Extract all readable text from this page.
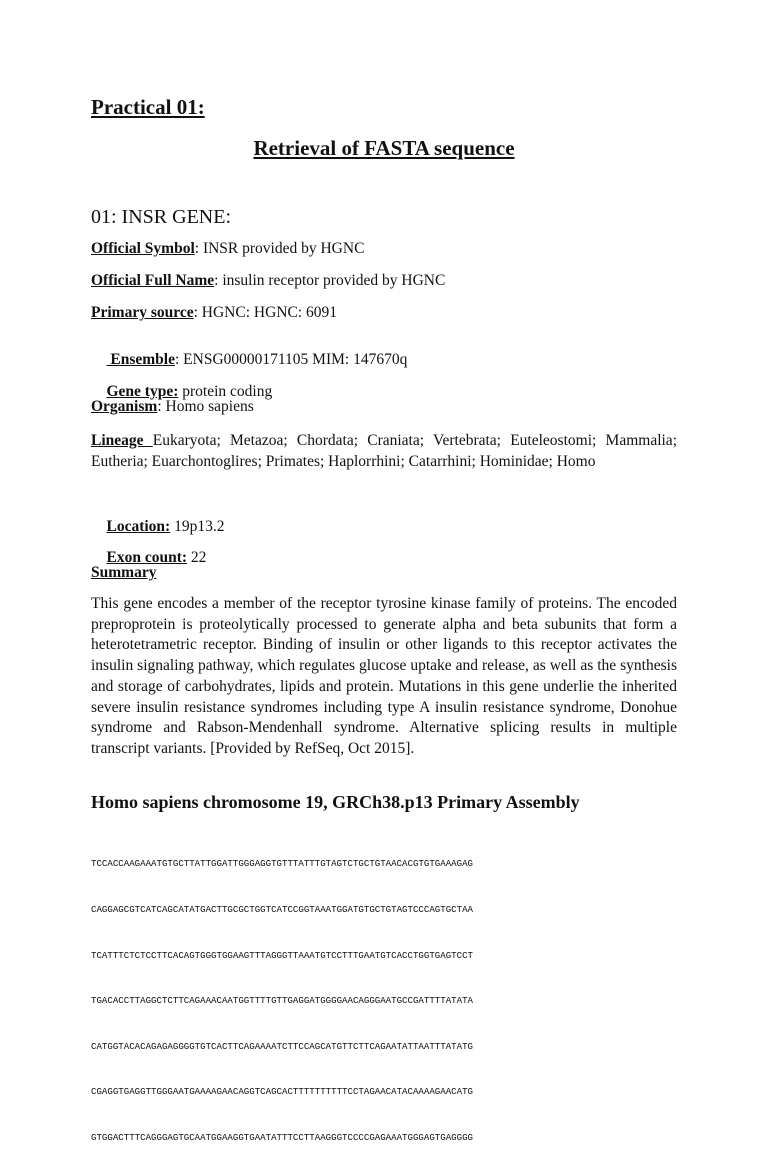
Practical 01:
Retrieval of FASTA sequence
01: INSR GENE:
Official Symbol: INSR provided by HGNC
Official Full Name: insulin receptor provided by HGNC
Primary source: HGNC: HGNC: 6091

Ensemble: ENSG00000171105 MIM: 147670q

Gene type: protein coding

Organism: Homo sapiens
Lineage Eukaryota; Metazoa; Chordata; Craniata; Vertebrata; Euteleostomi; Mammalia; Eutheria; Euarchontoglires; Primates; Haplorrhini; Catarrhini; Hominidae; Homo

Location: 19p13.2

Exon count: 22

Summary
This gene encodes a member of the receptor tyrosine kinase family of proteins. The encoded preproprotein is proteolytically processed to generate alpha and beta subunits that form a heterotetrametric receptor. Binding of insulin or other ligands to this receptor activates the insulin signaling pathway, which regulates glucose uptake and release, as well as the synthesis and storage of carbohydrates, lipids and protein. Mutations in this gene underlie the inherited severe insulin resistance syndromes including type A insulin resistance syndrome, Donohue syndrome and Rabson-Mendenhall syndrome. Alternative splicing results in multiple transcript variants. [Provided by RefSeq, Oct 2015].
Homo sapiens chromosome 19, GRCh38.p13 Primary Assembly

TCCACCAAGAAATGTGCTTATTGGATTGGGAGGTGTTTATTTGTAGTCTGCTGTAACACGTGTGAAAGAG

CAGGAGCGTCATCAGCATATGACTTGCGCTGGTCATCCGGTAAATGGATGTGCTGTAGTCCCAGTGCTAA

TCATTTCTCTCCTTCACAGTGGGTGGAAGTTTAGGGTTAAATGTCCTTTGAATGTCACCTGGTGAGTCCT

TGACACCTTAGGCTCTTCAGAAACAATGGTTTTGTTGAGGATGGGGAACAGGGAATGCCGATTTTATATA

CATGGTACACAGAGAGGGGTGTCACTTCAGAAAATCTTCCAGCATGTTCTTCAGAATATTAATTTATATG

CGAGGTGAGGTTGGGAATGAAAAGAACAGGTCAGCACTTTTTTTTTTCCTAGAACATACAAAAGAACATG

GTGGACTTTCAGGGAGTGCAATGGAAGGTGAATATTTCCTTAAGGGTCCCCGAGAAATGGGAGTGAGGGG
